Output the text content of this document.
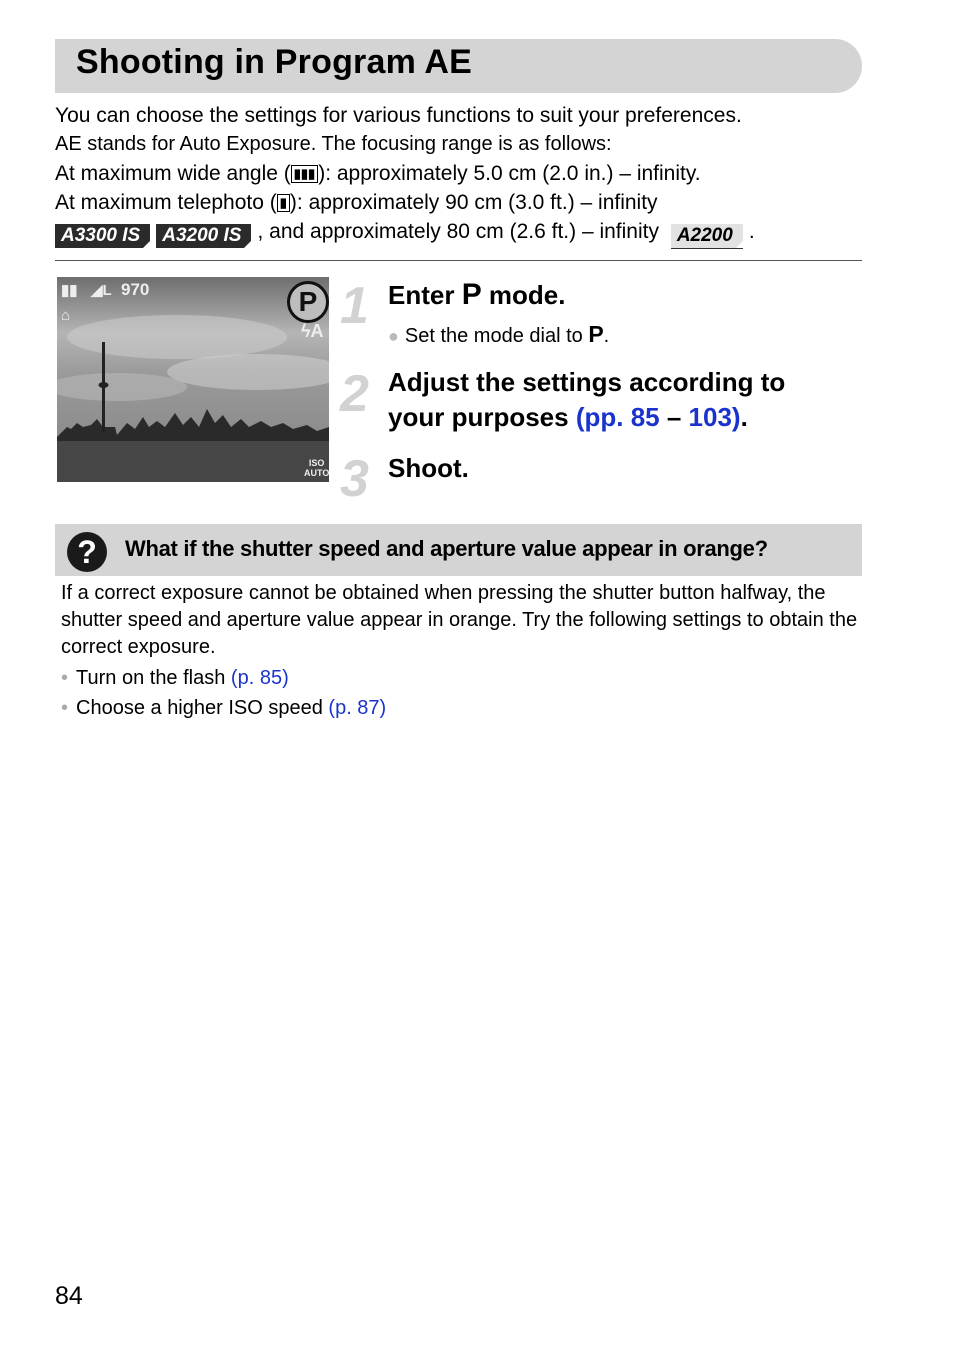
Shooting in Program AE
You can choose the settings for various functions to suit your preferences.
AE stands for Auto Exposure. The focusing range is as follows:
At maximum wide angle ( ▮▮▮ ): approximately 5.0 cm (2.0 in.) – infinity.
At maximum telephoto ( ▮ ): approximately 90 cm (3.0 ft.) – infinity
A3300 IS A3200 IS , and approximately 80 cm (2.6 ft.) – infinity A2200 .
▮▮ ◢L 970
⌂	P
ϟA
ISO
AUTO
1 Enter P mode.
● Set the mode dial to P.
2 Adjust the settings according to
your purposes (pp. 85 – 103).
3 Shoot.
?	What if the shutter speed and aperture value appear in orange?
If a correct exposure cannot be obtained when pressing the shutter button halfway, the shutter speed and aperture value appear in orange. Try the following settings to obtain the correct exposure.
• Turn on the flash (p. 85)
• Choose a higher ISO speed (p. 87)
84
